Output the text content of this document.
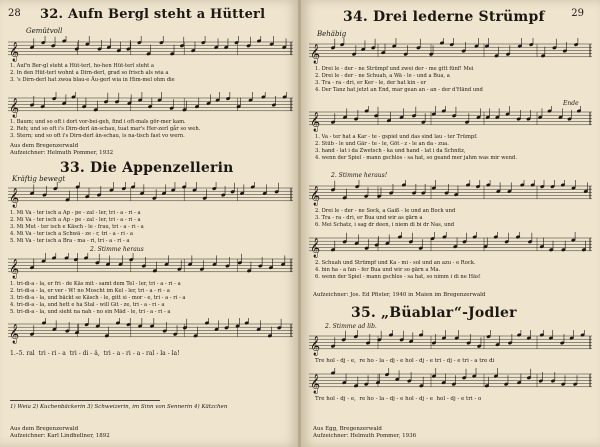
28 32. Aufn Bergl steht a Hütterl
Gemütvoll
𝄞
1. Auf'n Ber-gl steht a Hüt-terl, ho-hen Hüt-terl steht a
2. In den Hüt-terl wohnt a Dirn-derl, grad so frisch als wia a
3. 's Dirn-derl hat zwoa blau-e Äu-gerl wia in Him-mel ohm die
𝄞
1. Baum; und so oft i dort vor-bei-geh, find i oft-mals gör-mer kam.
2. Reh; und so oft i's Dirn-derl än-schau, tuat mar's Her-zerl går so weh.
3. Stern; und so oft i's Dirn-derl än-schau, is na-tisch fast vo wern.
Aus dem Bregenzerwald
Aufzeichner: Helmuth Pommer, 1932
33. Die Appenzellerin
Kräftig bewegt
𝄞
1. Mi Va - ter isch a Ap - pe - zal - ler, tri - a - ri - a
2. Mi Va - ter isch a Ap - pe - zal - ler, tri - a - ri - a
3. Mi Mut - ter isch e Käsch - le - frau, tri - a - ri - a
4. Mi Va - ter isch a Schwä - ze - r, tri - a - ri - a
5. Mi Va - ter isch a Bra - ma - ri, tri - a - ri - a
2. Stimme heraus
𝄞
1. tri-di-a - la, er fri - de Käs mit - samt dem Tel - ler, tri - a - ri - a
2. tri-di-a - la, er ver - W! no Moscht im Kel - ler, tri - a - ri - a
3. tri-di-a - la, und bäckt se Käsch - le, gitt si - mor - e, tri - a - ri - a
4. tri-di-a - la, und hett e ha Stal - will Git - ze, tri - a - ri - a
5. tri-di-a - la, und sieht na nah - no sin Mäd - le, tri - a - ri - a
𝄞
1.–5. ral  tri - ri - a  tri - di - ä,  tri - a - ri - a - ral - la - la!
1) Weia 2) Kuchenbäckerin 3) Schweizerin, im Sinn von Sennerin 4) Kätzchen
Aus dem Bregenzerwald
Aufzeichner: Karl Lindhellner, 1892
29
34. Drei lederne Strümpf
Behäbig
𝄞
1. Drei le - der - ne Strümpf und zwei der - me gitt fünf! Mei
2. Drei le - der - ne Schuah, a Wä - le - und a Bua, a
3. Tra - ra - dri, er Ker - le, der hat kin - er
4. Der Tanz hat jetzt an End, mar gean an - an - der d'Händ und
Ende
𝄞
1. Va - ter hat a Kar - te - gspiel und das sind lau - ter Trümpf.
2. Stüb - le und Gär - te - le, Göt - z - le an da - zua.
3. hand - lat i da Zwetsch - ka und hand - lat i da Schnitz,
4. wenn der Spiel - mann gschlos - sa hat, so geand mer jahm was mir wend.
2. Stimme heraus!
𝄞
2. Drei le - der - ne Sock, a Gaiß - le und an Bock und
3. Tra - ra - dri, er Bua und wir as gärn a
6. Mei Schatz, i sag dr deen, i niem di bi dr Nas, und
𝄞
2. Schuah und Strümpf und Ka - mi - sol und an azu - e Rock.
4. bin ha - a fan - fer Bua und wir so gärn a Ma.
6. wenn der Spiel - mann gschlos - sa hat, so nimm i di ne Häs!
Aufzeichner: Jos. Ed Pfister, 1940 in Maien im Bregenzerwald
35. „Büablar“-Jodler
2. Stimme ad lib.
𝄞
Tre hol - dj - e,  re ho - la - dj - e hol - dj - e tri - dj - e tri - a tre di
𝄞
Tre hol - dj - e,  re ho - la - dj - e hol - dj - e  hol - dj - e tri - o
Aus Egg, Bregenzerwald
Aufzeichner: Helmuth Pommer, 1936
